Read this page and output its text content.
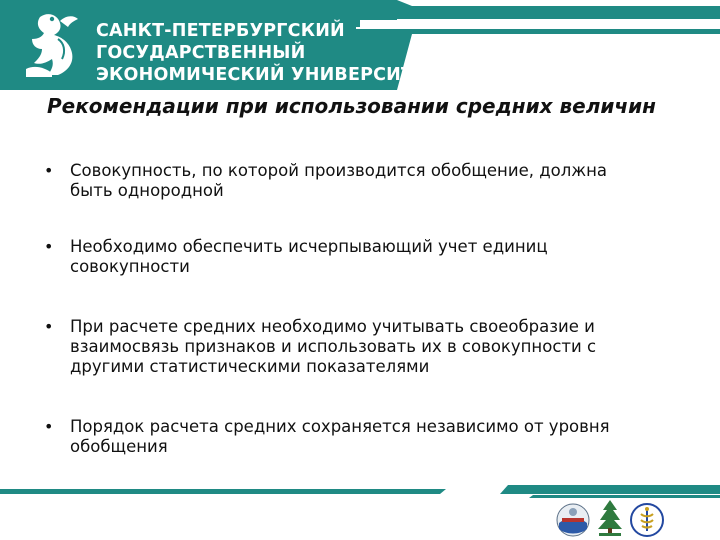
САНКТ-ПЕТЕРБУРГСКИЙ
ГОСУДАРСТВЕННЫЙ
ЭКОНОМИЧЕСКИЙ УНИВЕРСИТЕТ
Рекомендации при использовании средних величин
• Совокупность, по которой производится обобщение, должна
быть однородной
• Необходимо обеспечить исчерпывающий учет единиц
совокупности
• При расчете средних необходимо учитывать своеобразие и
взаимосвязь признаков и использовать их в совокупности с
другими статистическими показателями
• Порядок расчета средних сохраняется независимо от уровня
обобщения
